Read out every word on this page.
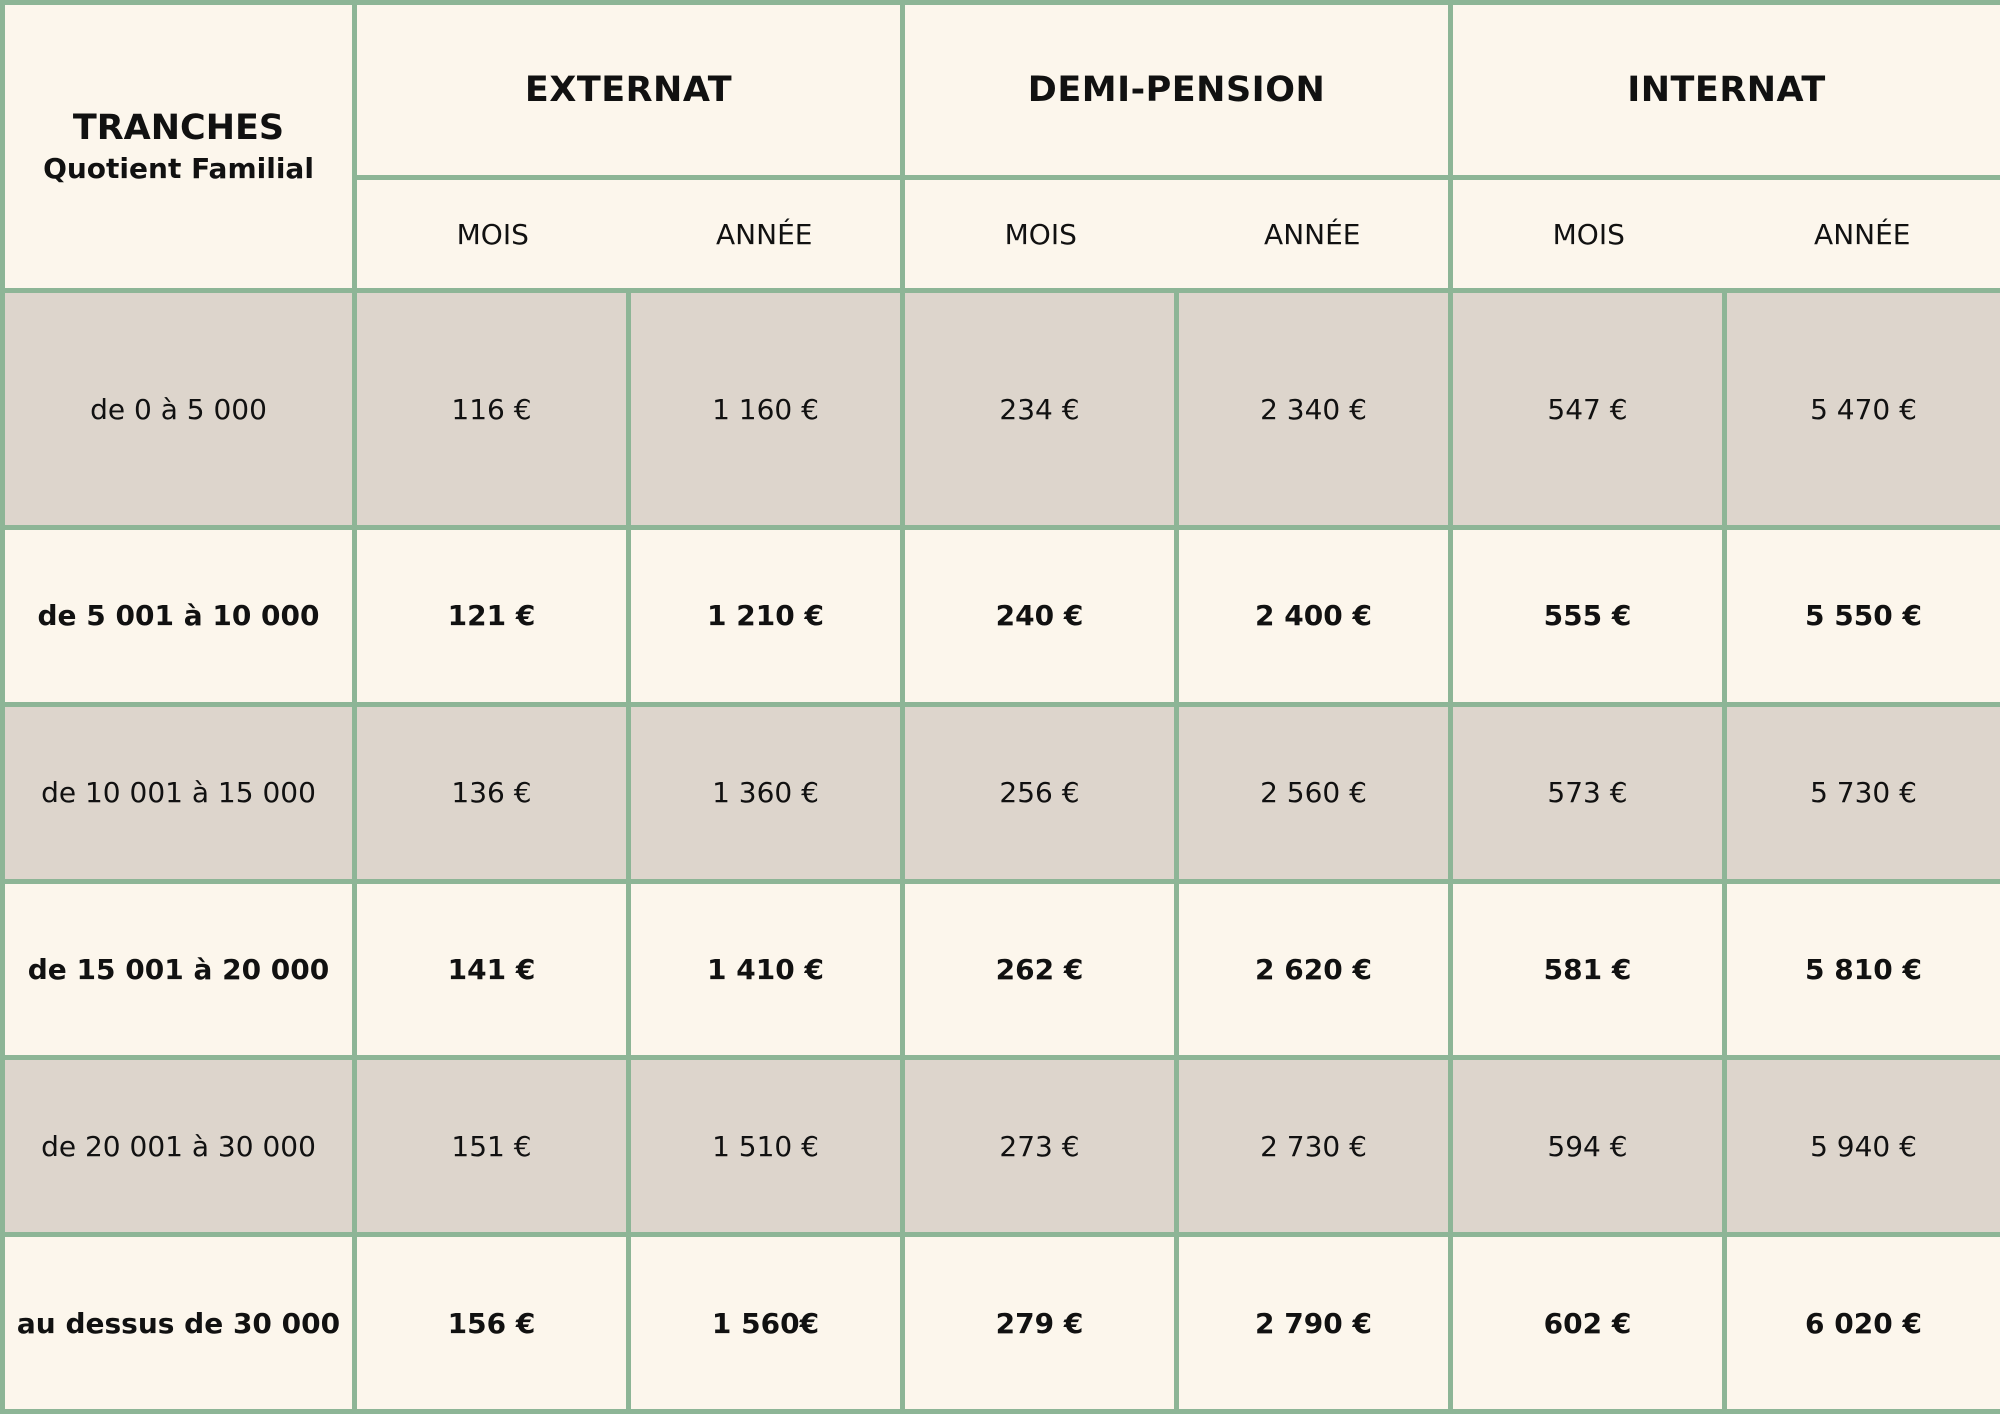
TRANCHES
Quotient Familial	EXTERNAT		DEMI-PENSION		INTERNAT	
	MOIS	ANNÉE	MOIS	ANNÉE	MOIS	ANNÉE
de 0 à 5 000	116 €	1 160 €	234 €	2 340 €	547 €	5 470 €
de 5 001 à 10 000	121 €	1 210 €	240 €	2 400 €	555 €	5 550 €
de 10 001 à 15 000	136 €	1 360 €	256 €	2 560 €	573 €	5 730 €
de 15 001 à 20 000	141 €	1 410 €	262 €	2 620 €	581 €	5 810 €
de 20 001 à 30 000	151 €	1 510 €	273 €	2 730 €	594 €	5 940 €
au dessus de 30 000	156 €	1 560€	279 €	2 790 €	602 €	6 020 €
